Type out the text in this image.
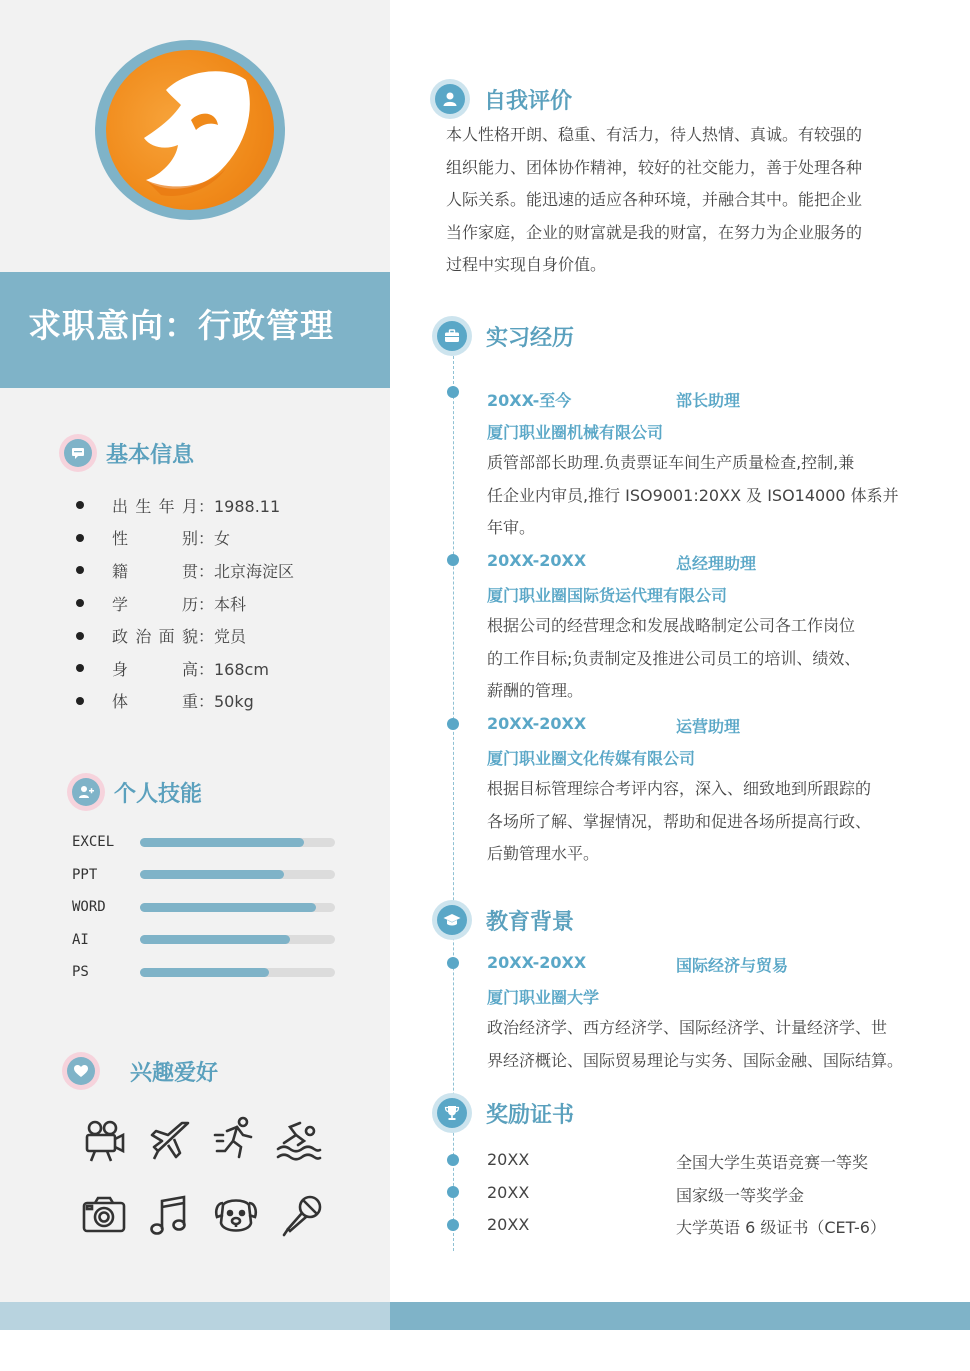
求职意向：行政管理
基本信息
出生年月 ：1988.11
性别 ：女
籍贯 ：北京海淀区
学历 ：本科
政治面貌 ：党员
身高 ：168cm
体重 ：50kg
个人技能
EXCEL
PPT
WORD
AI
PS
兴趣爱好
自我评价
本人性格开朗、稳重、有活力，待人热情、真诚。有较强的
组织能力、团体协作精神，较好的社交能力，善于处理各种
人际关系。能迅速的适应各种环境，并融合其中。能把企业
当作家庭，企业的财富就是我的财富，在努力为企业服务的
过程中实现自身价值。
实习经历
20XX-至今	部长助理
厦门职业圈机械有限公司
质管部部长助理.负责票证车间生产质量检查,控制,兼
任企业内审员,推行 ISO9001:20XX 及 ISO14000 体系并
年审。
20XX-20XX	总经理助理
厦门职业圈国际货运代理有限公司
根据公司的经营理念和发展战略制定公司各工作岗位
的工作目标;负责制定及推进公司员工的培训、绩效、
薪酬的管理。
20XX-20XX	运营助理
厦门职业圈文化传媒有限公司
根据目标管理综合考评内容，深入、细致地到所跟踪的
各场所了解、掌握情况，帮助和促进各场所提高行政、
后勤管理水平。
教育背景
20XX-20XX	国际经济与贸易
厦门职业圈大学
政治经济学、西方经济学、国际经济学、计量经济学、世
界经济概论、国际贸易理论与实务、国际金融、国际结算。
奖励证书
20XX	全国大学生英语竞赛一等奖
20XX	国家级一等奖学金
20XX	大学英语 6 级证书（CET-6）
